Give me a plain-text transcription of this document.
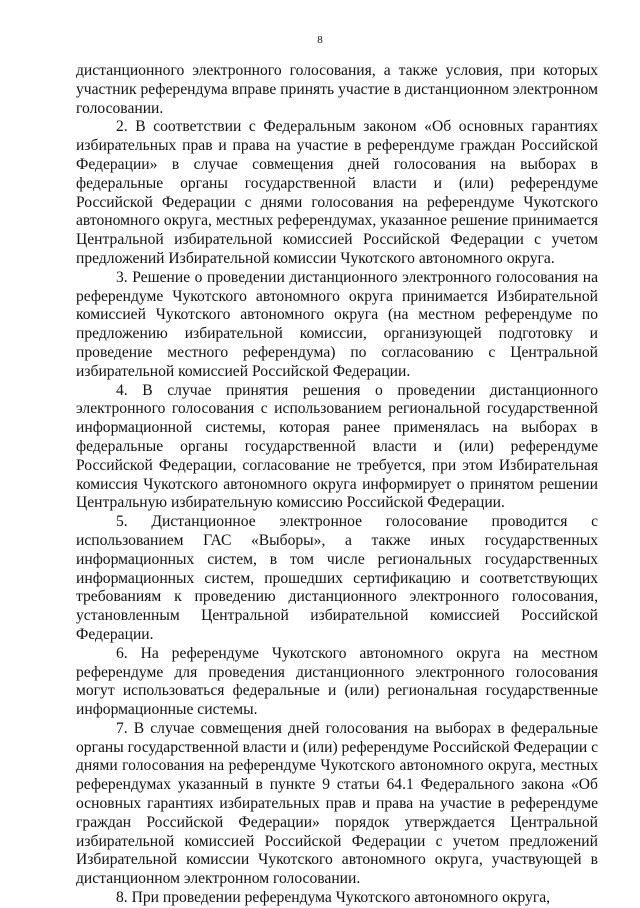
8

дистанционного электронного голосования, а также условия, при которых участник референдума вправе принять участие в дистанционном электронном голосовании.

2. В соответствии с Федеральным законом «Об основных гарантиях избирательных прав и права на участие в референдуме граждан Российской Федерации» в случае совмещения дней голосования на выборах в федеральные органы государственной власти и (или) референдуме Российской Федерации с днями голосования на референдуме Чукотского автономного округа, местных референдумах, указанное решение принимается Центральной избирательной комиссией Российской Федерации с учетом предложений Избирательной комиссии Чукотского автономного округа.

3. Решение о проведении дистанционного электронного голосования на референдуме Чукотского автономного округа принимается Избирательной комиссией Чукотского автономного округа (на местном референдуме по предложению избирательной комиссии, организующей подготовку и проведение местного референдума) по согласованию с Центральной избирательной комиссией Российской Федерации.

4. В случае принятия решения о проведении дистанционного электронного голосования с использованием региональной государственной информационной системы, которая ранее применялась на выборах в федеральные органы государственной власти и (или) референдуме Российской Федерации, согласование не требуется, при этом Избирательная комиссия Чукотского автономного округа информирует о принятом решении Центральную избирательную комиссию Российской Федерации.

5. Дистанционное электронное голосование проводится с использованием ГАС «Выборы», а также иных государственных информационных систем, в том числе региональных государственных информационных систем, прошедших сертификацию и соответствующих требованиям к проведению дистанционного электронного голосования, установленным Центральной избирательной комиссией Российской Федерации.

6. На референдуме Чукотского автономного округа на местном референдуме для проведения дистанционного электронного голосования могут использоваться федеральные и (или) региональная государственные информационные системы.

7. В случае совмещения дней голосования на выборах в федеральные органы государственной власти и (или) референдуме Российской Федерации с днями голосования на референдуме Чукотского автономного округа, местных референдумах указанный в пункте 9 статьи 64.1 Федерального закона «Об основных гарантиях избирательных прав и права на участие в референдуме граждан Российской Федерации» порядок утверждается Центральной избирательной комиссией Российской Федерации с учетом предложений Избирательной комиссии Чукотского автономного округа, участвующей в дистанционном электронном голосовании.

8. При проведении референдума Чукотского автономного округа,
